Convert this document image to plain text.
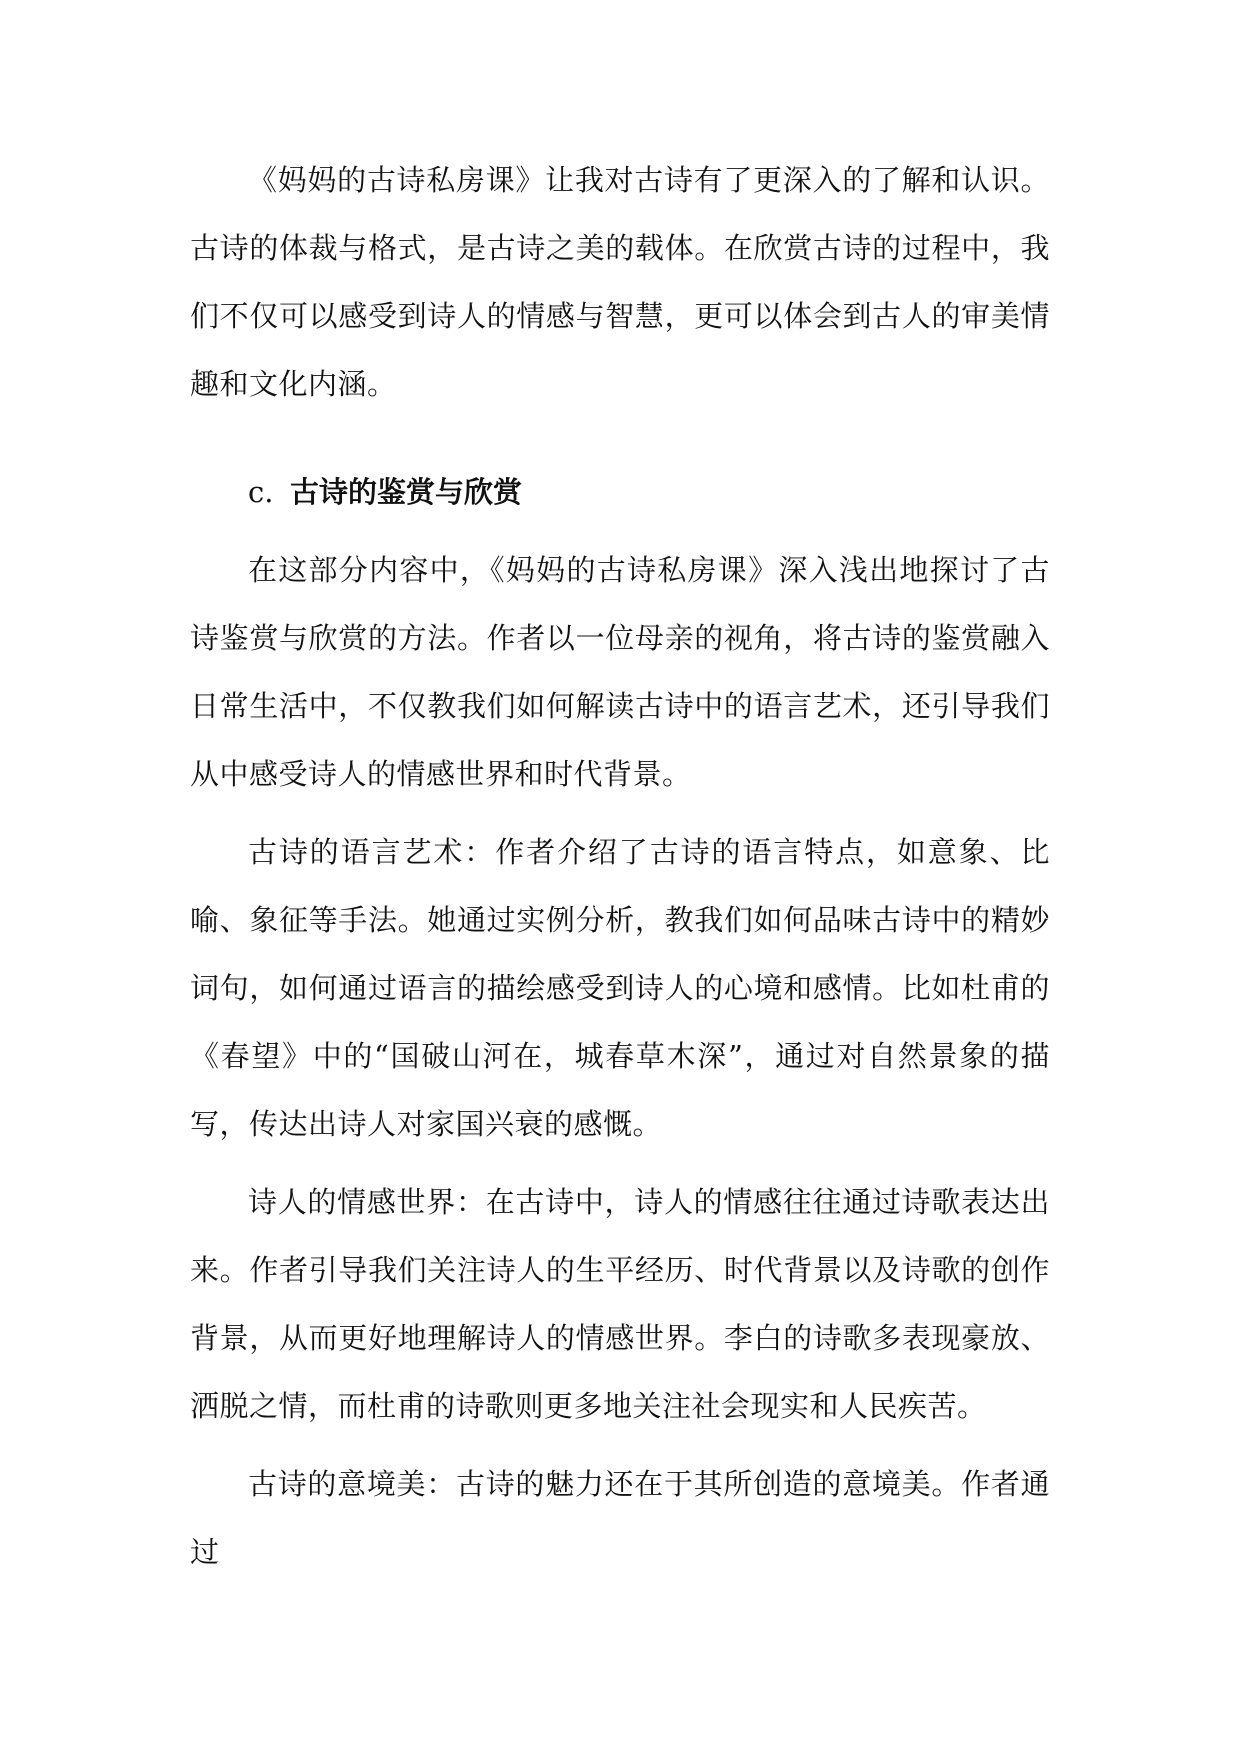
《妈妈的古诗私房课》让我对古诗有了更深入的了解和认识。古诗的体裁与格式，是古诗之美的载体。在欣赏古诗的过程中，我们不仅可以感受到诗人的情感与智慧，更可以体会到古人的审美情趣和文化内涵。

c. 古诗的鉴赏与欣赏

在这部分内容中，《妈妈的古诗私房课》深入浅出地探讨了古诗鉴赏与欣赏的方法。作者以一位母亲的视角，将古诗的鉴赏融入日常生活中，不仅教我们如何解读古诗中的语言艺术，还引导我们从中感受诗人的情感世界和时代背景。

古诗的语言艺术：作者介绍了古诗的语言特点，如意象、比喻、象征等手法。她通过实例分析，教我们如何品味古诗中的精妙词句，如何通过语言的描绘感受到诗人的心境和感情。比如杜甫的《春望》中的“国破山河在，城春草木深”，通过对自然景象的描写，传达出诗人对家国兴衰的感慨。

诗人的情感世界：在古诗中，诗人的情感往往通过诗歌表达出来。作者引导我们关注诗人的生平经历、时代背景以及诗歌的创作背景，从而更好地理解诗人的情感世界。李白的诗歌多表现豪放、洒脱之情，而杜甫的诗歌则更多地关注社会现实和人民疾苦。

古诗的意境美：古诗的魅力还在于其所创造的意境美。作者通过
